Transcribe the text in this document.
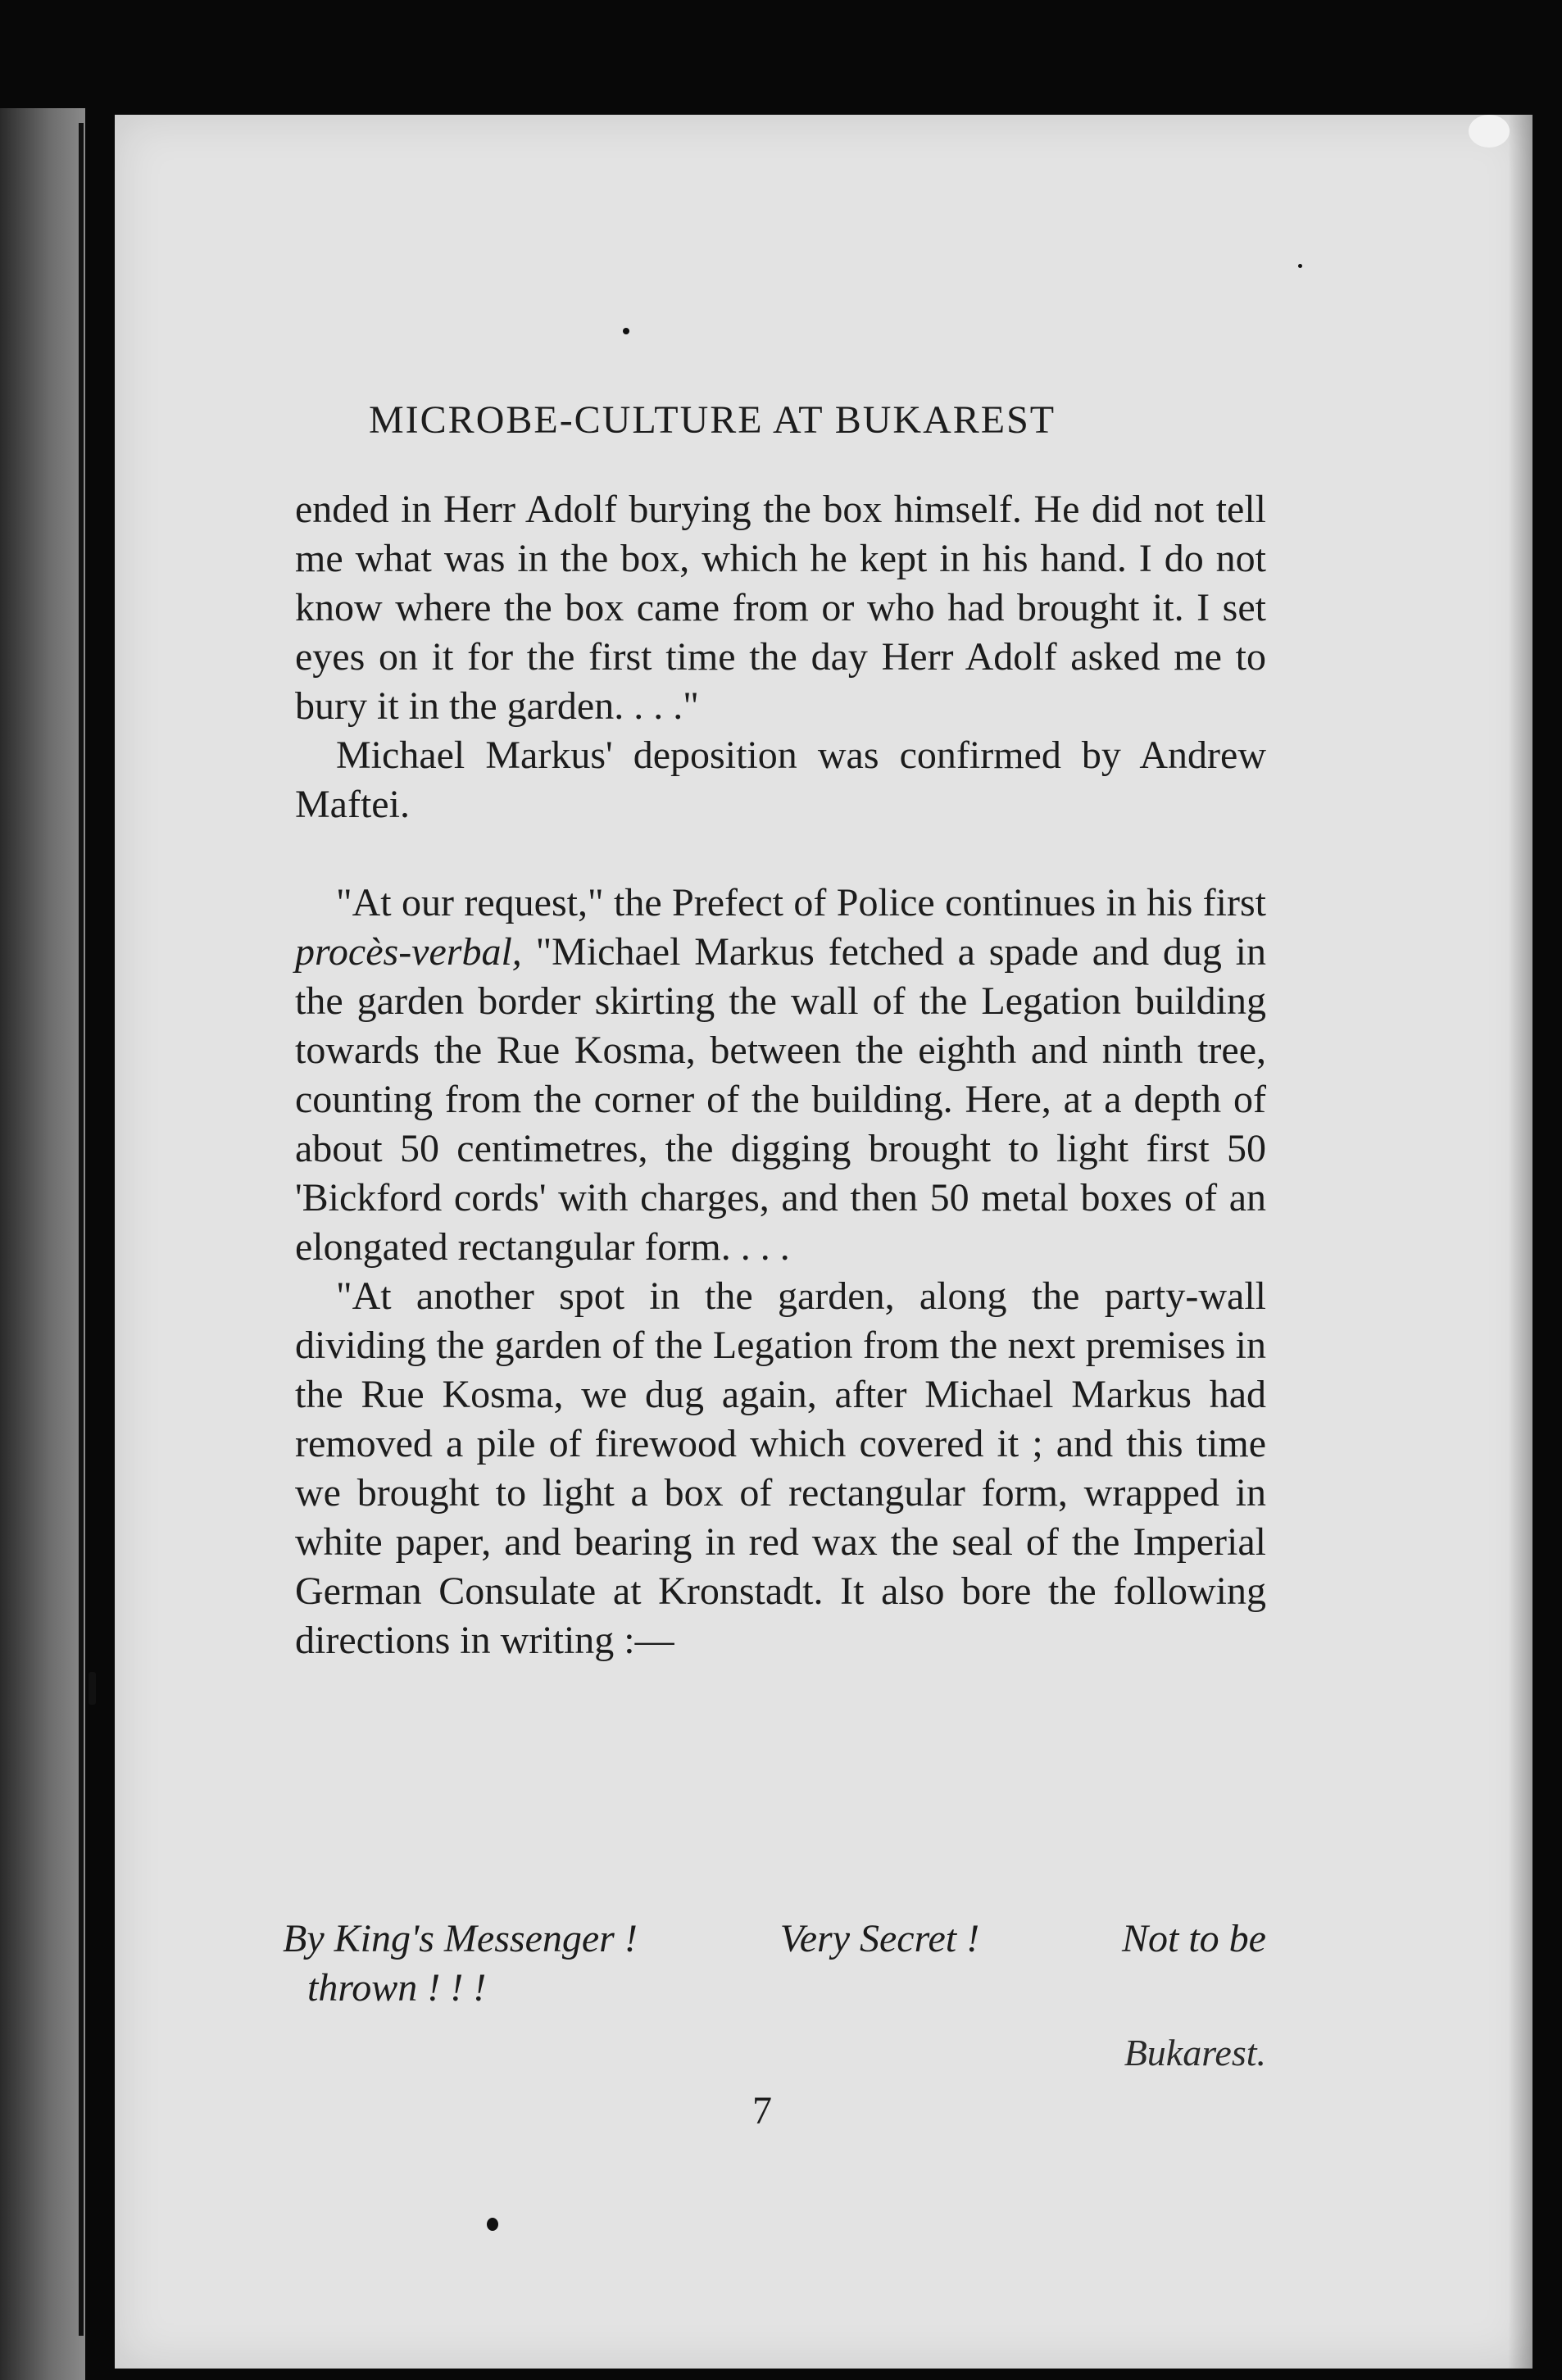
MICROBE-CULTURE AT BUKAREST

ended in Herr Adolf burying the box himself. He did not tell me what was in the box, which he kept in his hand. I do not know where the box came from or who had brought it. I set eyes on it for the first time the day Herr Adolf asked me to bury it in the garden. . . ."

Michael Markus' deposition was confirmed by Andrew Maftei.

"At our request," the Prefect of Police continues in his first procès-verbal, "Michael Markus fetched a spade and dug in the garden border skirting the wall of the Legation building towards the Rue Kosma, between the eighth and ninth tree, counting from the corner of the building. Here, at a depth of about 50 centimetres, the digging brought to light first 50 'Bickford cords' with charges, and then 50 metal boxes of an elongated rectangular form. . . .

"At another spot in the garden, along the party-wall dividing the garden of the Legation from the next premises in the Rue Kosma, we dug again, after Michael Markus had removed a pile of firewood which covered it ; and this time we brought to light a box of rectangular form, wrapped in white paper, and bearing in red wax the seal of the Imperial German Consulate at Kronstadt. It also bore the following directions in writing :—

By King's Messenger !	Very Secret !	Not to be
thrown ! ! !
Bukarest.
7
